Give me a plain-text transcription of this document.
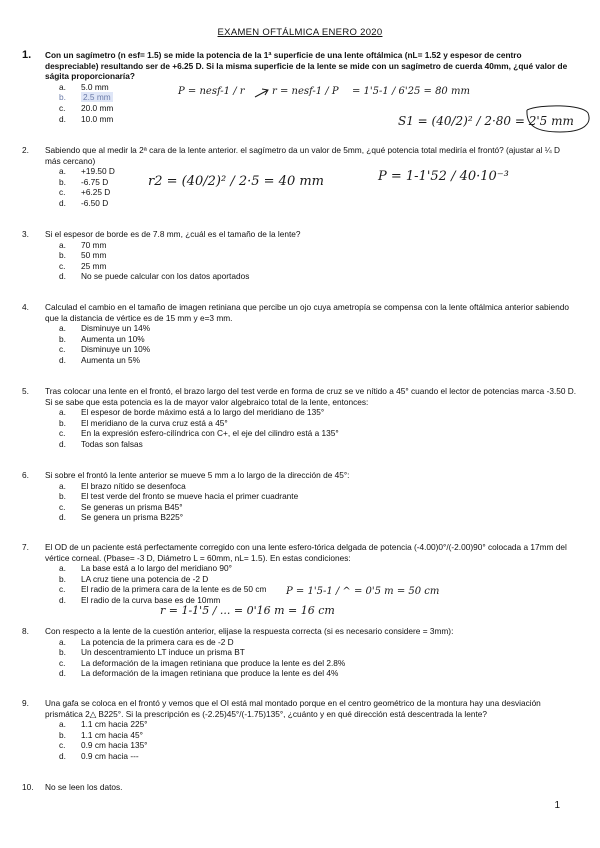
EXAMEN OFTÁLMICA ENERO 2020
1. Con un sagímetro (n esf= 1.5) se mide la potencia de la 1ª superficie de una lente oftálmica (nL= 1.52 y espesor de centro despreciable) resultando ser de +6.25 D. Si la misma superficie de la lente se mide con un sagímetro de cuerda 40mm, ¿qué valor de ságita proporcionaría?
a. 5.0 mm
b. 2.5 mm
c. 20.0 mm
d. 10.0 mm
2. Sabiendo que al medir la 2ª cara de la lente anterior. el sagímetro da un valor de 5mm, ¿qué potencia total mediría el frontó? (ajustar al ¼ D más cercano)
a. +19.50 D
b. -6.75 D
c. +6.25 D
d. -6.50 D
3. Si el espesor de borde es de 7.8 mm, ¿cuál es el tamaño de la lente?
a. 70 mm
b. 50 mm
c. 25 mm
d. No se puede calcular con los datos aportados
4. Calculad el cambio en el tamaño de imagen retiniana que percibe un ojo cuya ametropía se compensa con la lente oftálmica anterior sabiendo que la distancia de vértice es de 15 mm y e=3 mm.
a. Disminuye un 14%
b. Aumenta un 10%
c. Disminuye un 10%
d. Aumenta un 5%
5. Tras colocar una lente en el frontó, el brazo largo del test verde en forma de cruz se ve nítido a 45° cuando el lector de potencias marca -3.50 D. Si se sabe que esta potencia es la de mayor valor algebraico total de la lente, entonces:
a. El espesor de borde máximo está a lo largo del meridiano de 135°
b. El meridiano de la curva cruz está a 45°
c. En la expresión esfero-cilíndrica con C+, el eje del cilindro está a 135°
d. Todas son falsas
6. Si sobre el frontó la lente anterior se mueve 5 mm a lo largo de la dirección de 45°:
a. El brazo nítido se desenfoca
b. El test verde del fronto se mueve hacia el primer cuadrante
c. Se generas un prisma B45°
d. Se genera un prisma B225°
7. El OD de un paciente está perfectamente corregido con una lente esfero-tórica delgada de potencia (-4.00)0°/(-2.00)90° colocada a 17mm del vértice corneal. (Pbase= -3 D, Diámetro L = 60mm, nL= 1.5). En estas condiciones:
a. La base está a lo largo del meridiano 90°
b. LA cruz tiene una potencia de -2 D
c. El radio de la primera cara de la lente es de 50 cm
d. El radio de la curva base es de 10mm
8. Con respecto a la lente de la cuestión anterior, elijase la respuesta correcta (si es necesario considere = 3mm):
a. La potencia de la primera cara es de -2 D
b. Un descentramiento LT induce un prisma BT
c. La deformación de la imagen retiniana que produce la lente es del 2.8%
d. La deformación de la imagen retiniana que produce la lente es del 4%
9. Una gafa se coloca en el frontó y vemos que el OI está mal montado porque en el centro geométrico de la montura hay una desviación prismática 2△ B225°. Si la prescripción es (-2.25)45°/(-1.75)135°, ¿cuánto y en qué dirección está descentrada la lente?
a. 1.1 cm hacia 225°
b. 1.1 cm hacia 45°
c. 0.9 cm hacia 135°
d. 0.9 cm hacia ---
10. No se leen los datos.
1
P = nesf-1 / r	r = nesf-1 / P = 1'5-1 / 6'25 = 80 mm
S1 = (40/2)² / 2·80 = 2'5 mm
r2 = (40/2)² / 2·5 = 40 mm	P = 1-1'52 / 40·10⁻³
P = 1'5-1 / ^ = 0'5 m = 50 cm
r = 1-1'5 / ... = 0'16 m = 16 cm
